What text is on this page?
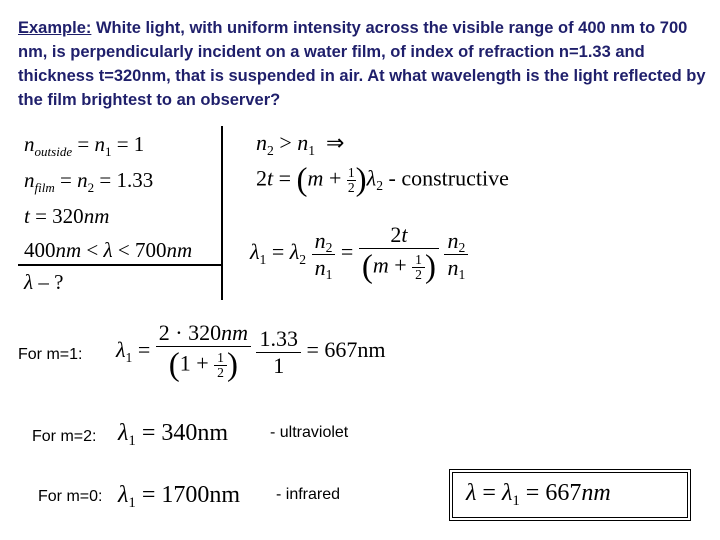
Example: White light, with uniform intensity across the visible range of 400 nm to 700 nm, is perpendicularly incident on a water film, of index of refraction n=1.33 and thickness t=320nm, that is suspended in air. At what wavelength is the light reflected by the film brightest to an observer?
$n_{outside} = n_1 = 1$
$n_{film} = n_2 = 1.33$
t = 320nm
400nm < λ < 700nm
λ – ?
$n_2 > n_1$  ⇒
$2t = (m + \frac{1}{2} )\lambda_2$ - constructive
$\lambda_1 = \lambda_2 \frac{n_2}{n_1} = \frac{2t}{(m + \frac{1}{2} )}$
$\frac{n_2}{n_1}$
For m=1: $\lambda_1 = \frac{2 \cdot 320nm}{(1 + \frac{1}{2} )}$
$\frac{1.33}{1} = 667nm$
For m=2: $\lambda_1 = 340nm$	- ultraviolet
For m=0: $\lambda_1 = 1700nm$ - infrared	$\lambda = \lambda_1 = 667nm$
